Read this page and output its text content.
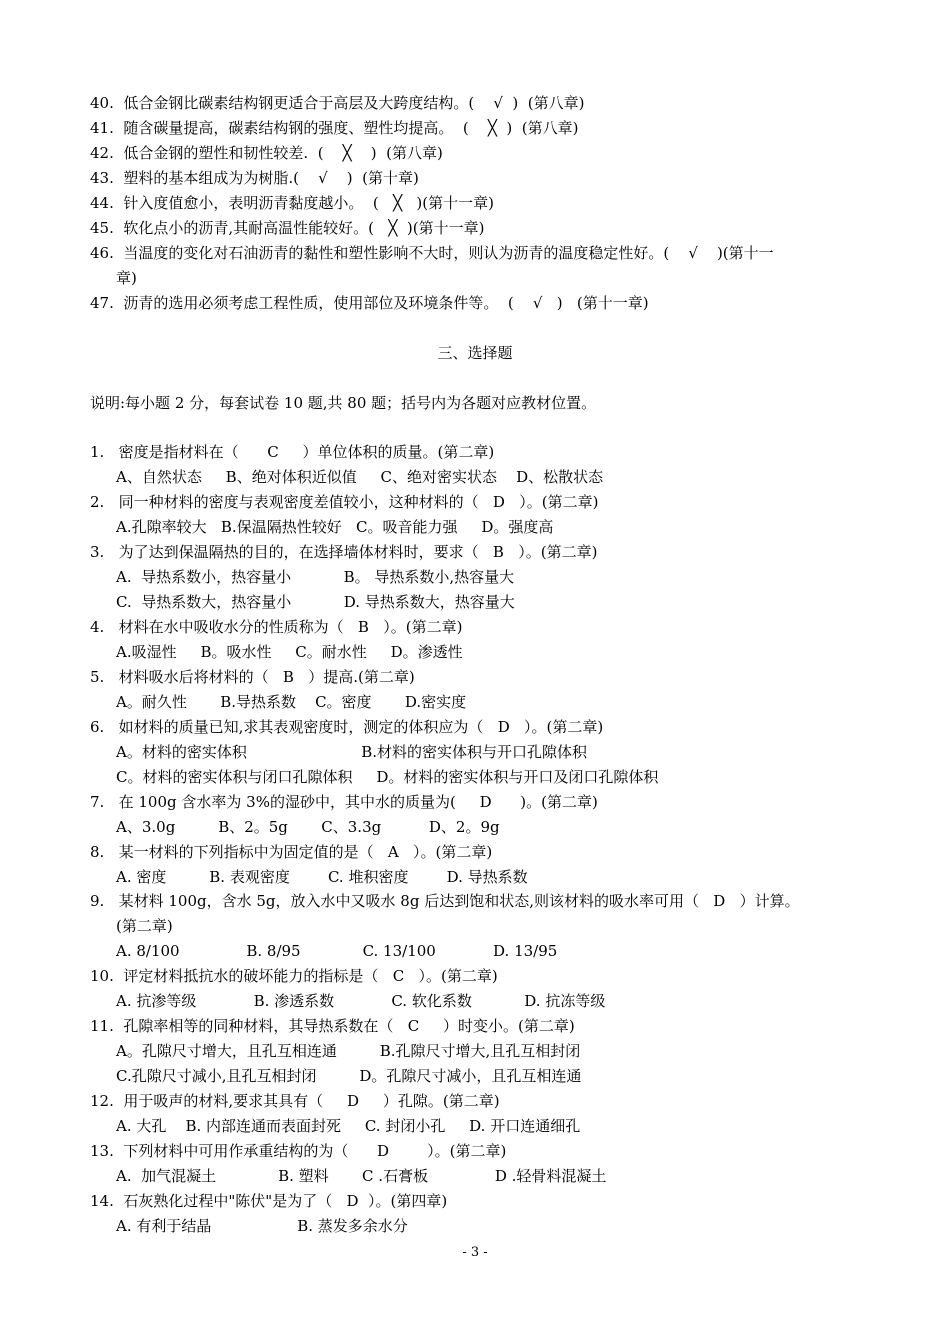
40.  低合金钢比碳素结构钢更适合于高层及大跨度结构。(    √  )  (第八章)
41.  随含碳量提高，碳素结构钢的强度、塑性均提高。  (    ╳  )  (第八章)
42.  低合金钢的塑性和韧性较差.  (    ╳    )  (第八章)
43.  塑料的基本组成为为树脂.(    √    )  (第十章)
44.  针入度值愈小，表明沥青黏度越小。  (   ╳   )(第十一章)
45.  软化点小的沥青,其耐高温性能较好。(   ╳  )(第十一章)
46.  当温度的变化对石油沥青的黏性和塑性影响不大时，则认为沥青的温度稳定性好。(    √    )(第十一
章)
47.  沥青的选用必须考虑工程性质，使用部位及环境条件等。  (    √   )   (第十一章)
三、选择题
说明:每小题 2 分，每套试卷 10 题,共 80 题；括号内为各题对应教材位置。
1.   密度是指材料在（      C     ）单位体积的质量。(第二章)
A、自然状态     B、绝对体积近似值     C、绝对密实状态    D、松散状态
2.   同一种材料的密度与表观密度差值较小，这种材料的（   D   ）。(第二章)
A.孔隙率较大   B.保温隔热性较好   C。吸音能力强     D。强度高
3.   为了达到保温隔热的目的，在选择墙体材料时，要求（   B   ）。(第二章)
A.  导热系数小，热容量小           B。 导热系数小,热容量大
C.  导热系数大，热容量小           D. 导热系数大，热容量大
4.   材料在水中吸收水分的性质称为（   B   ）。(第二章)
A.吸湿性     B。吸水性     C。耐水性     D。渗透性
5.   材料吸水后将材料的（   B   ）提高.(第二章)
A。耐久性       B.导热系数    C。密度       D.密实度
6.   如材料的质量已知,求其表观密度时，测定的体积应为（   D   ）。(第二章)
A。材料的密实体积                        B.材料的密实体积与开口孔隙体积
C。材料的密实体积与闭口孔隙体积     D。材料的密实体积与开口及闭口孔隙体积
7.   在 100g 含水率为 3%的湿砂中，其中水的质量为(     D      )。(第二章)
A、3.0g         B、2。5g       C、3.3g          D、2。9g
8.   某一材料的下列指标中为固定值的是（   A   ）。(第二章)
A. 密度         B. 表观密度        C. 堆积密度        D. 导热系数
9.   某材料 100g，含水 5g，放入水中又吸水 8g 后达到饱和状态,则该材料的吸水率可用（   D   ）计算。
(第二章)
A. 8/100              B. 8/95             C. 13/100            D. 13/95
10.  评定材料抵抗水的破坏能力的指标是（   C   ）。(第二章)
A. 抗渗等级            B. 渗透系数            C. 软化系数           D. 抗冻等级
11.  孔隙率相等的同种材料，其导热系数在（   C     ）时变小。(第二章)
A。孔隙尺寸增大，且孔互相连通         B.孔隙尺寸增大,且孔互相封闭
C.孔隙尺寸减小,且孔互相封闭         D。孔隙尺寸减小，且孔互相连通
12.  用于吸声的材料,要求其具有（     D     ）孔隙。(第二章)
A. 大孔    B. 内部连通而表面封死     C. 封闭小孔     D. 开口连通细孔
13.  下列材料中可用作承重结构的为（      D        ）。(第二章)
A.  加气混凝土             B. 塑料       C .石膏板              D .轻骨料混凝土
14.  石灰熟化过程中"陈伏"是为了（   D  ）。(第四章)
A. 有利于结晶                  B. 蒸发多余水分
- 3 -
